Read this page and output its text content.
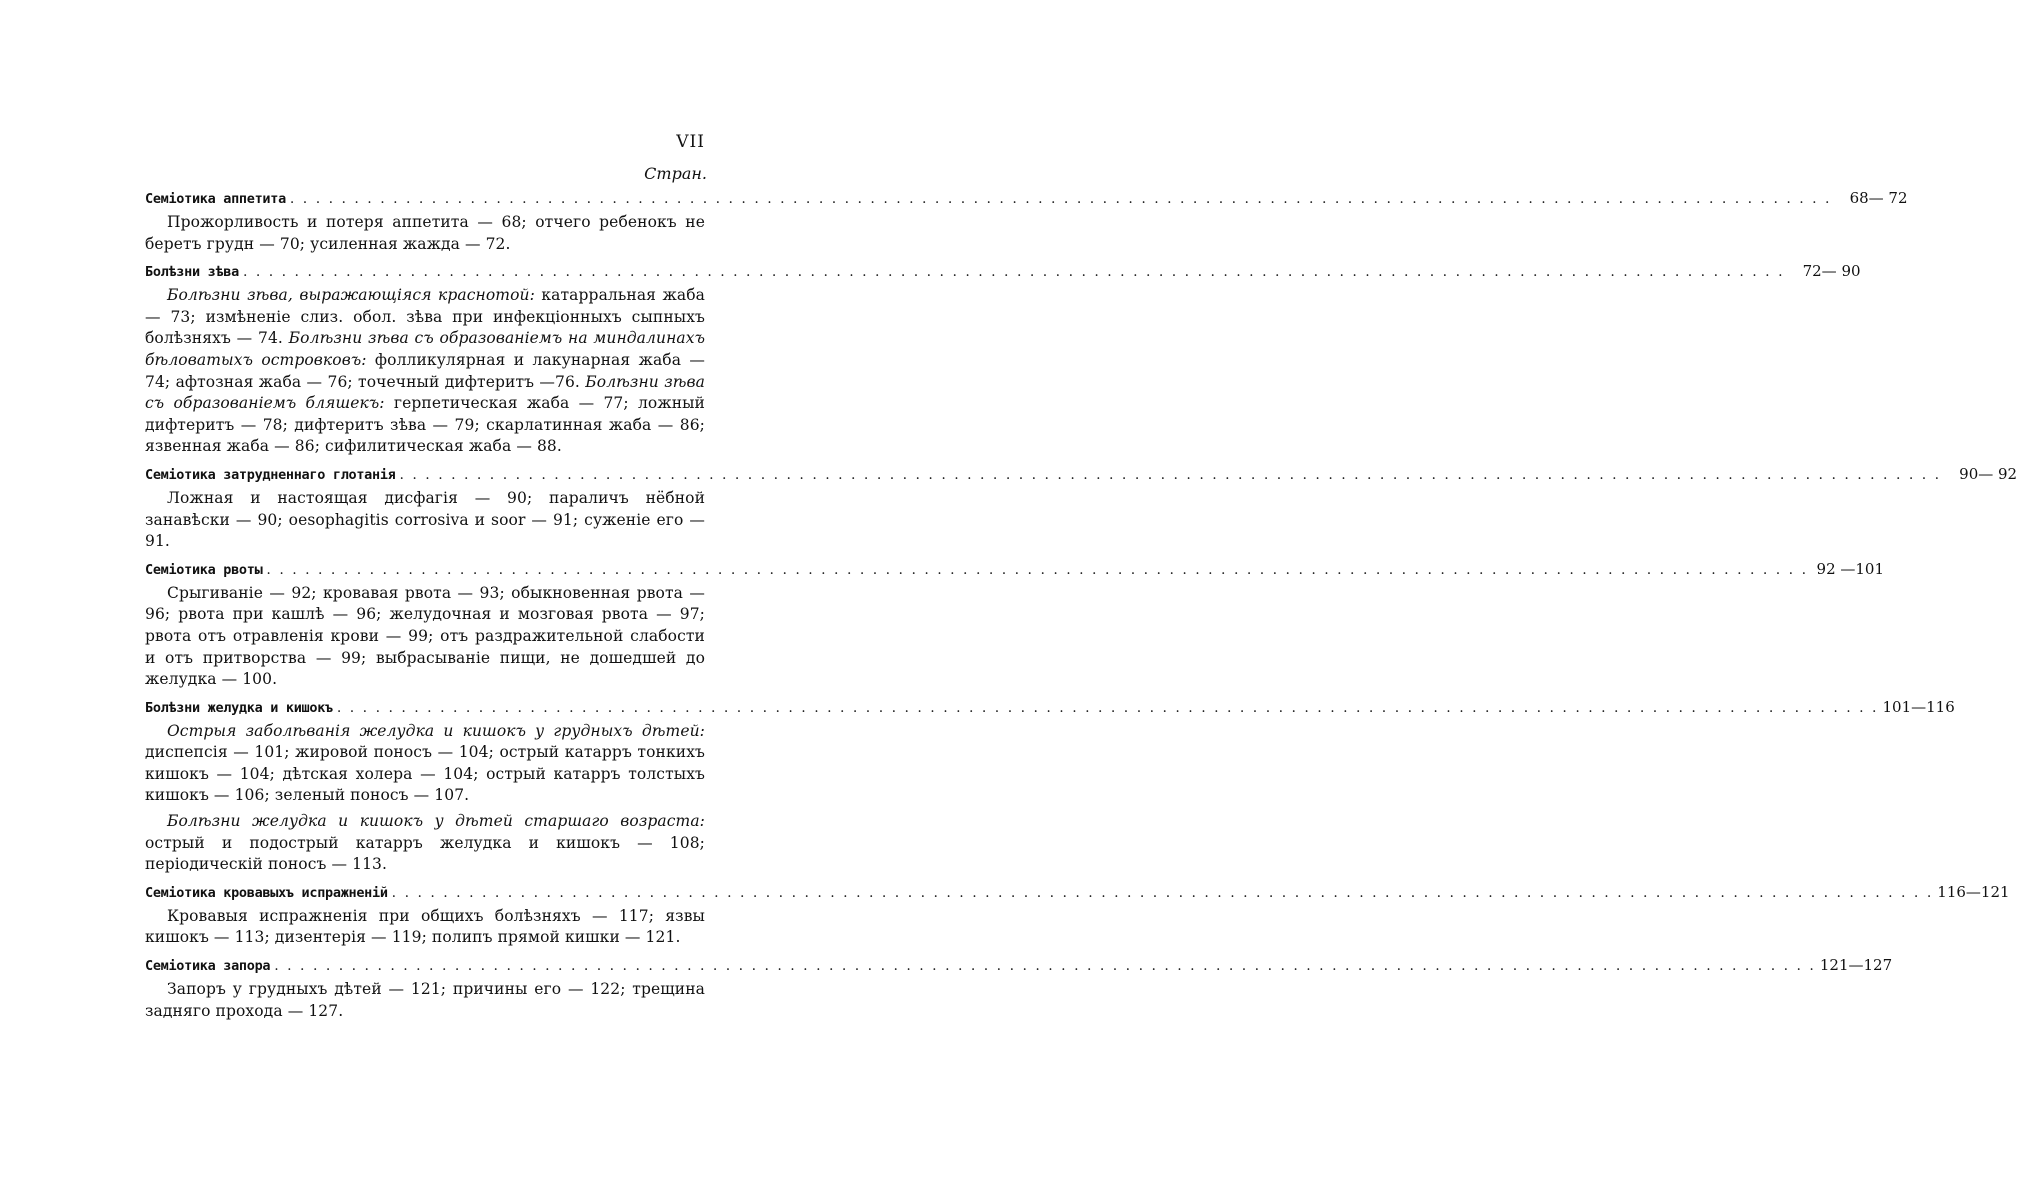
VII
Стран.
Семіотика аппетита . . . . . . . . . . . . . . . . . . . . . . . . . . . . . . . . . . . . . . . . . . . . . . . . . . . . . . . . . . . . . . . . . . . . . . . . . . . . . . . . . . . . . . . . . . . . . . . . . . . . . . . . . . . . . . . . . . . . . . . .	68— 72
Прожорливость и потеря аппетита — 68; отчего ребенокъ не беретъ грудн — 70; усиленная жажда — 72.
Болѣзни зѣва . . . . . . . . . . . . . . . . . . . . . . . . . . . . . . . . . . . . . . . . . . . . . . . . . . . . . . . . . . . . . . . . . . . . . . . . . . . . . . . . . . . . . . . . . . . . . . . . . . . . . . . . . . . . . . . . . . . . . . . .	72— 90
Болѣзни зѣва, выражающіяся краснотой: катарральная жаба — 73; измѣненіе слиз. обол. зѣва при инфекціонныхъ сыпныхъ болѣзняхъ — 74. Болѣзни зѣва съ образованіемъ на миндалинахъ бѣловатыхъ островковъ: фолликулярная и лакунарная жаба — 74; афтозная жаба — 76; точечный дифтеритъ —76. Болѣзни зѣва съ образованіемъ бляшекъ: герпетическая жаба — 77; ложный дифтеритъ — 78; дифтеритъ зѣва — 79; скарлатинная жаба — 86; язвенная жаба — 86; сифилитическая жаба — 88.
Семіотика затрудненнаго глотанія . . . . . . . . . . . . . . . . . . . . . . . . . . . . . . . . . . . . . . . . . . . . . . . . . . . . . . . . . . . . . . . . . . . . . . . . . . . . . . . . . . . . . . . . . . . . . . . . . . . . . . . . . . . . . . . . . . . . . . . .	90— 92
Ложная и настоящая дисфагія — 90; параличъ нёбной занавѣски — 90; oesophagitis corrosiva и soor — 91; суженіе его — 91.
Семіотика рвоты . . . . . . . . . . . . . . . . . . . . . . . . . . . . . . . . . . . . . . . . . . . . . . . . . . . . . . . . . . . . . . . . . . . . . . . . . . . . . . . . . . . . . . . . . . . . . . . . . . . . . . . . . . . . . . . . . . . . . . . . 92 —101
Срыгиваніе — 92; кровавая рвота — 93; обыкновенная рвота — 96; рвота при кашлѣ — 96; желудочная и мозговая рвота — 97; рвота отъ отравленія крови — 99; отъ раздражительной слабости и отъ притворства — 99; выбрасываніе пищи, не дошедшей до желудка — 100.
Болѣзни желудка и кишокъ . . . . . . . . . . . . . . . . . . . . . . . . . . . . . . . . . . . . . . . . . . . . . . . . . . . . . . . . . . . . . . . . . . . . . . . . . . . . . . . . . . . . . . . . . . . . . . . . . . . . . . . . . . . . . . . . . . . . . . . . 101—116
Острыя заболѣванія желудка и кишокъ у грудныхъ дѣтей: диспепсія — 101; жировой поносъ — 104; острый катарръ тонкихъ кишокъ — 104; дѣтская холера — 104; острый катарръ толстыхъ кишокъ — 106; зеленый поносъ — 107.
Болѣзни желудка и кишокъ у дѣтей старшаго возраста: острый и подострый катарръ желудка и кишокъ — 108; періодическій поносъ — 113.
Семіотика кровавыхъ испражненій . . . . . . . . . . . . . . . . . . . . . . . . . . . . . . . . . . . . . . . . . . . . . . . . . . . . . . . . . . . . . . . . . . . . . . . . . . . . . . . . . . . . . . . . . . . . . . . . . . . . . . . . . . . . . . . . . . . . . . . . 116—121
Кровавыя испражненія при общихъ болѣзняхъ — 117; язвы кишокъ — 113; дизентерія — 119; полипъ прямой кишки — 121.
Семіотика запора . . . . . . . . . . . . . . . . . . . . . . . . . . . . . . . . . . . . . . . . . . . . . . . . . . . . . . . . . . . . . . . . . . . . . . . . . . . . . . . . . . . . . . . . . . . . . . . . . . . . . . . . . . . . . . . . . . . . . . . . 121—127
Запоръ у грудныхъ дѣтей — 121; причины его — 122; трещина задняго прохода — 127.
